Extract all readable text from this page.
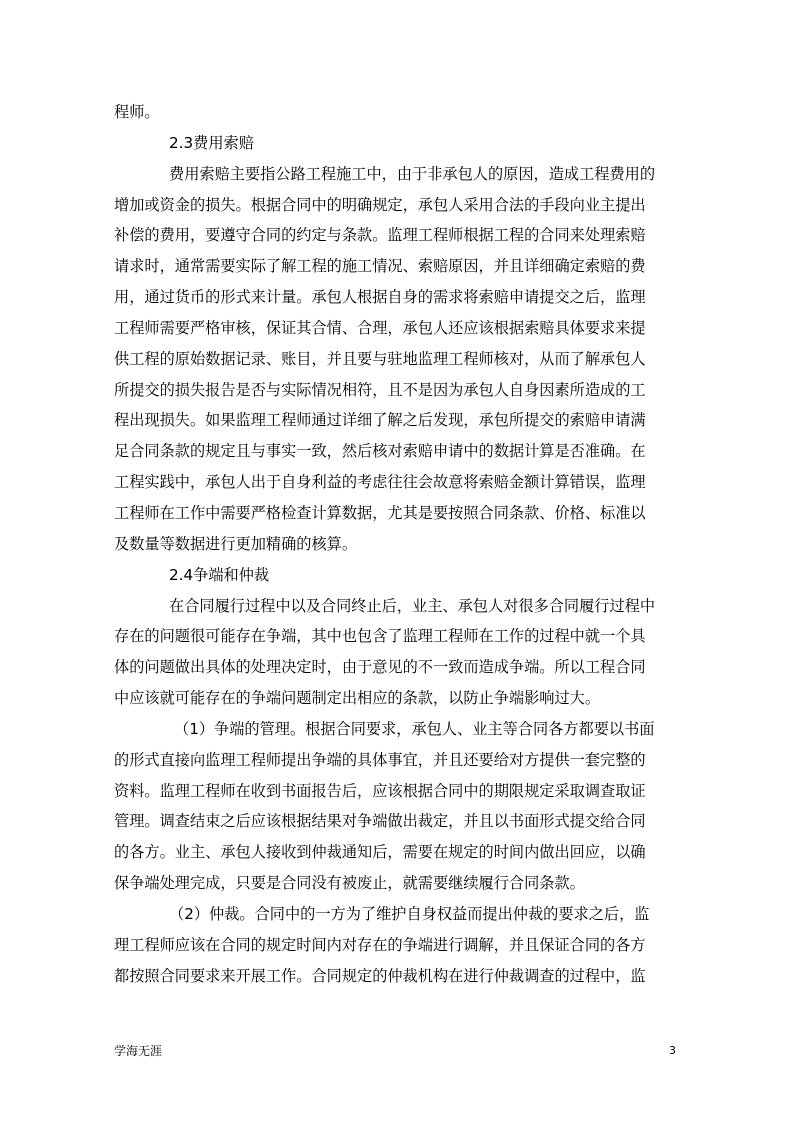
程师。
2.3费用索赔
费用索赔主要指公路工程施工中，由于非承包人的原因，造成工程费用的
增加或资金的损失。根据合同中的明确规定，承包人采用合法的手段向业主提出
补偿的费用，要遵守合同的约定与条款。监理工程师根据工程的合同来处理索赔
请求时，通常需要实际了解工程的施工情况、索赔原因，并且详细确定索赔的费
用，通过货币的形式来计量。承包人根据自身的需求将索赔申请提交之后，监理
工程师需要严格审核，保证其合情、合理，承包人还应该根据索赔具体要求来提
供工程的原始数据记录、账目，并且要与驻地监理工程师核对，从而了解承包人
所提交的损失报告是否与实际情况相符，且不是因为承包人自身因素所造成的工
程出现损失。如果监理工程师通过详细了解之后发现，承包所提交的索赔申请满
足合同条款的规定且与事实一致，然后核对索赔申请中的数据计算是否准确。在
工程实践中，承包人出于自身利益的考虑往往会故意将索赔金额计算错误，监理
工程师在工作中需要严格检查计算数据，尤其是要按照合同条款、价格、标准以
及数量等数据进行更加精确的核算。
2.4争端和仲裁
在合同履行过程中以及合同终止后，业主、承包人对很多合同履行过程中
存在的问题很可能存在争端，其中也包含了监理工程师在工作的过程中就一个具
体的问题做出具体的处理决定时，由于意见的不一致而造成争端。所以工程合同
中应该就可能存在的争端问题制定出相应的条款，以防止争端影响过大。
（1）争端的管理。根据合同要求，承包人、业主等合同各方都要以书面
的形式直接向监理工程师提出争端的具体事宜，并且还要给对方提供一套完整的
资料。监理工程师在收到书面报告后，应该根据合同中的期限规定采取调查取证
管理。调查结束之后应该根据结果对争端做出裁定，并且以书面形式提交给合同
的各方。业主、承包人接收到仲裁通知后，需要在规定的时间内做出回应，以确
保争端处理完成，只要是合同没有被废止，就需要继续履行合同条款。
（2）仲裁。合同中的一方为了维护自身权益而提出仲裁的要求之后，监
理工程师应该在合同的规定时间内对存在的争端进行调解，并且保证合同的各方
都按照合同要求来开展工作。合同规定的仲裁机构在进行仲裁调查的过程中，监
学海无涯	3
